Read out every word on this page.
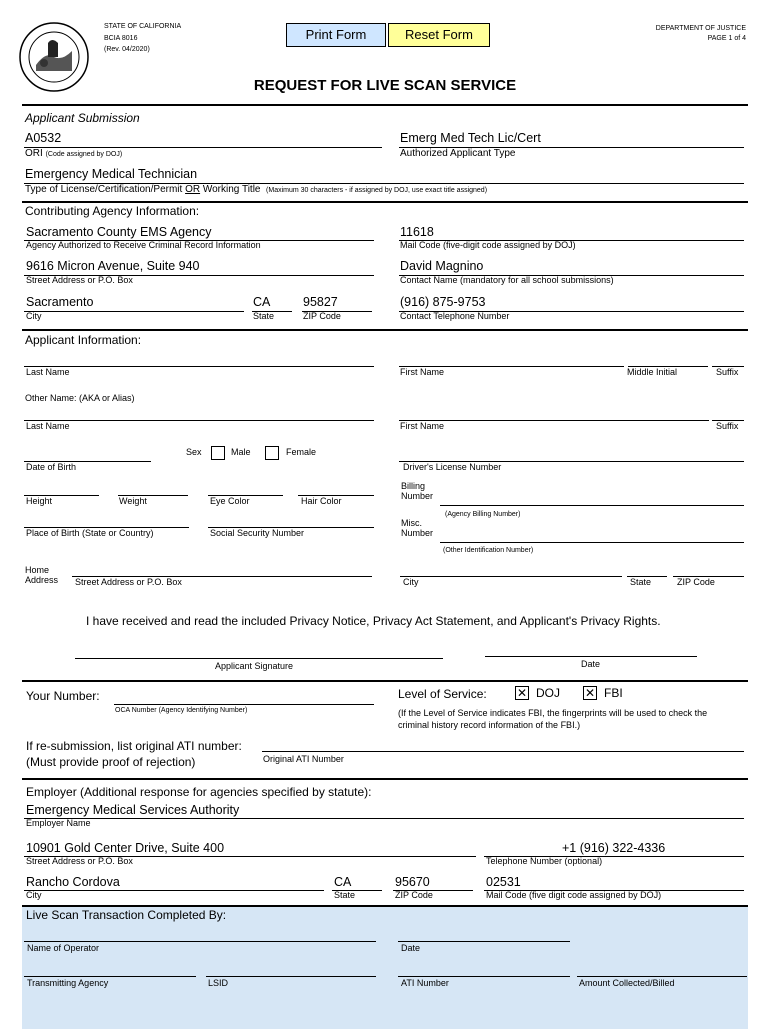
STATE OF CALIFORNIA
BCIA 8016
(Rev. 04/2020)
Print Form	Reset Form	DEPARTMENT OF JUSTICE
PAGE 1 of 4
REQUEST FOR LIVE SCAN SERVICE
Applicant Submission
A0532
ORI (Code assigned by DOJ)
Emerg Med Tech Lic/Cert
Authorized Applicant Type
Emergency Medical Technician
Type of License/Certification/Permit OR Working Title (Maximum 30 characters - if assigned by DOJ, use exact title assigned)
Contributing Agency Information:
Sacramento County EMS Agency
Agency Authorized to Receive Criminal Record Information
11618
Mail Code (five-digit code assigned by DOJ)
9616 Micron Avenue, Suite 940
Street Address or P.O. Box
David Magnino
Contact Name (mandatory for all school submissions)
Sacramento
City
CA
State
95827
ZIP Code
(916) 875-9753
Contact Telephone Number
Applicant Information:
Last Name	First Name	Middle Initial	Suffix
Other Name: (AKA or Alias)
Last Name	First Name	Suffix
Sex	Male	Female
Date of Birth	Driver's License Number
Height	Weight	Eye Color	Hair Color
Billing
Number
(Agency Billing Number)
Place of Birth (State or Country)	Social Security Number
Misc.
Number
(Other Identification Number)
Home
Address Street Address or P.O. Box	City	State	ZIP Code
I have received and read the included Privacy Notice, Privacy Act Statement, and Applicant's Privacy Rights.
Applicant Signature	Date
Your Number:
OCA Number (Agency Identifying Number)
Level of Service:	✕ DOJ ✕ FBI
(If the Level of Service indicates FBI, the fingerprints will be used to check the
criminal history record information of the FBI.)
If re-submission, list original ATI number:
(Must provide proof of rejection)	Original ATI Number
Employer (Additional response for agencies specified by statute):
Emergency Medical Services Authority
Employer Name
10901 Gold Center Drive, Suite 400
Street Address or P.O. Box
+1 (916) 322-4336
Telephone Number (optional)
Rancho Cordova
City
CA
State
95670
ZIP Code
02531
Mail Code (five digit code assigned by DOJ)
Live Scan Transaction Completed By:
Name of Operator	Date
Transmitting Agency	LSID	ATI Number	Amount Collected/Billed
